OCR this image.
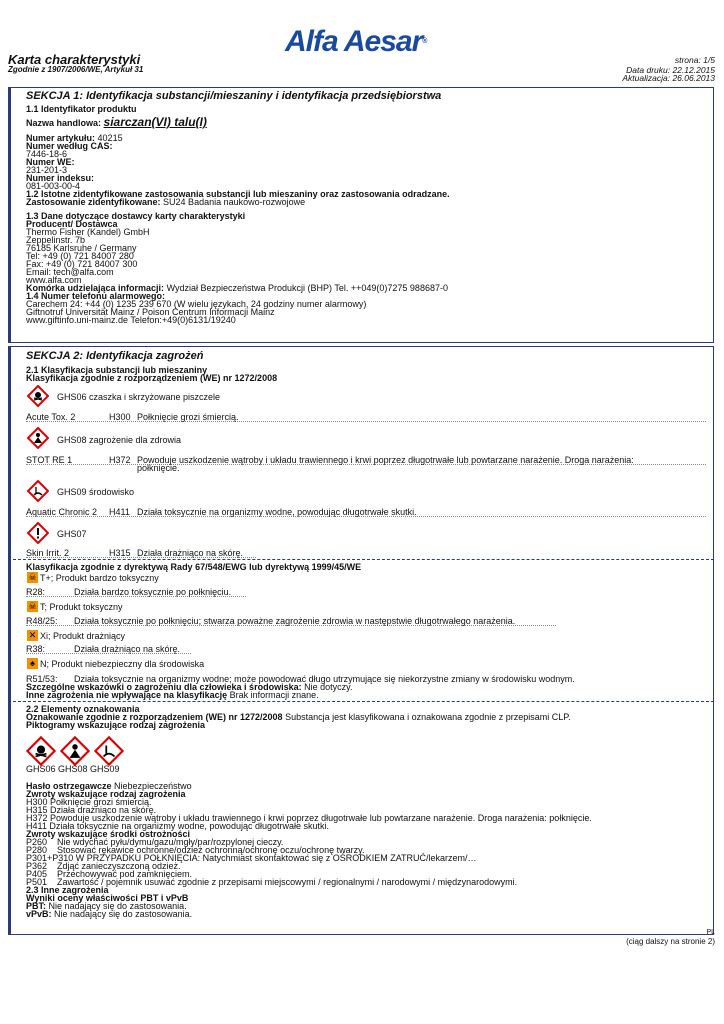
Alfa Aesar®
Karta charakterystyki
Zgodnie z 1907/2006/WE, Artykuł 31
strona: 1/5
Data druku: 22.12.2015
Aktualizacja: 26.06.2013
SEKCJA 1: Identyfikacja substancji/mieszaniny i identyfikacja przedsiębiorstwa
1.1 Identyfikator produktu
Nazwa handlowa: siarczan(VI) talu(I)
Numer artykułu: 40215
Numer według CAS:
7446-18-6
Numer WE:
231-201-3
Numer indeksu:
081-003-00-4
1.2 Istotne zidentyfikowane zastosowania substancji lub mieszaniny oraz zastosowania odradzane.
Zastosowanie zidentyfikowane: SU24 Badania naukowo-rozwojowe
1.3 Dane dotyczące dostawcy karty charakterystyki
Producent/ Dostawca
Thermo Fisher (Kandel) GmbH
Zeppelinstr. 7b
76185 Karlsruhe / Germany
Tel: +49 (0) 721 84007 280
Fax: +49 (0) 721 84007 300
Email: tech@alfa.com
www.alfa.com
Komórka udzielająca informacji: Wydział Bezpieczeństwa Produkcji (BHP) Tel. ++049(0)7275 988687-0
1.4 Numer telefonu alarmowego:
Carechem 24: +44 (0) 1235 239 670 (W wielu językach, 24 godziny numer alarmowy)
Giftnotruf Universität Mainz / Poison Centrum Informacji Mainz
www.giftinfo.uni-mainz.de Telefon:+49(0)6131/19240
SEKCJA 2: Identyfikacja zagrożeń
2.1 Klasyfikacja substancji lub mieszaniny
Klasyfikacja zgodnie z rozporządzeniem (WE) nr 1272/2008
GHS06 czaszka i skrzyżowane piszczele
Acute Tox. 2	H300 Połknięcie grozi śmiercią.
GHS08 zagrożenie dla zdrowia
STOT RE 1	H372 Powoduje uszkodzenie wątroby i układu trawiennego i krwi poprzez długotrwałe lub powtarzane narażenie. Droga narażenia:
połknięcie.
GHS09 środowisko
Aquatic Chronic 2 H411 Działa toksycznie na organizmy wodne, powodując długotrwałe skutki.
GHS07
Skin Irrit. 2	H315 Działa drażniąco na skórę.
Klasyfikacja zgodnie z dyrektywą Rady 67/548/EWG lub dyrektywą 1999/45/WE
☠ T+; Produkt bardzo toksyczny
R28:	Działa bardzo toksycznie po połknięciu.
☠ T; Produkt toksyczny
R48/25: Działa toksycznie po połknięciu; stwarza poważne zagrożenie zdrowia w następstwie długotrwałego narażenia.
✕ Xi; Produkt drażniący
R38:	Działa drażniąco na skórę.
♠ N; Produkt niebezpieczny dla środowiska
R51/53: Działa toksycznie na organizmy wodne; może powodować długo utrzymujące się niekorzystne zmiany w środowisku wodnym.
Szczególne wskazówki o zagrożeniu dla człowieka i środowiska: Nie dotyczy.
Inne zagrożenia nie wpływające na klasyfikację Brak informacji znane.
2.2 Elementy oznakowania
Oznakowanie zgodnie z rozporządzeniem (WE) nr 1272/2008 Substancja jest klasyfikowana i oznakowana zgodnie z przepisami CLP.
Piktogramy wskazujące rodzaj zagrożenia
GHS06 GHS08 GHS09
Hasło ostrzegawcze Niebezpieczeństwo
Zwroty wskazujące rodzaj zagrożenia
H300 Połknięcie grozi śmiercią.
H315 Działa drażniąco na skórę.
H372 Powoduje uszkodzenie wątroby i układu trawiennego i krwi poprzez długotrwałe lub powtarzane narażenie. Droga narażenia: połknięcie.
H411 Działa toksycznie na organizmy wodne, powodując długotrwałe skutki.
Zwroty wskazujące środki ostrożności
P260 Nie wdychać pyłu/dymu/gazu/mgły/par/rozpylonej cieczy.
P280 Stosować rękawice ochronne/odzież ochronną/ochronę oczu/ochronę twarzy.
P301+P310 W PRZYPADKU POŁKNIĘCIA: Natychmiast skontaktować się z OŚRODKIEM ZATRUĆ/lekarzem/…
P362 Zdjąć zanieczyszczoną odzież.
P405 Przechowywać pod zamknięciem.
P501 Zawartość / pojemnik usuwać zgodnie z przepisami miejscowymi / regionalnymi / narodowymi / międzynarodowymi.
2.3 Inne zagrożenia
Wyniki oceny właściwości PBT i vPvB
PBT: Nie nadający się do zastosowania.
vPvB: Nie nadający się do zastosowania.
PL
(ciąg dalszy na stronie 2)
